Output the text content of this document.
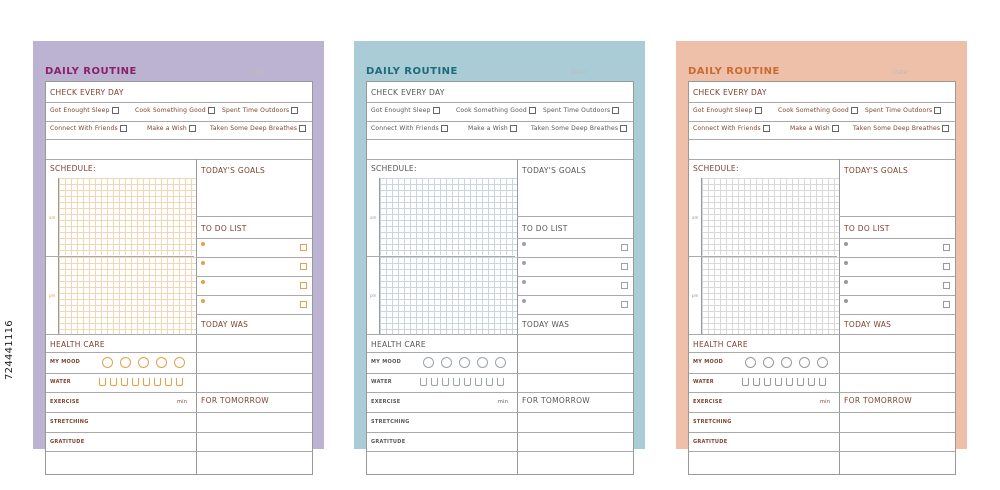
724441116
DAILY ROUTINE	Date:
CHECK EVERY DAY
Got Enought Sleep	Cook Something Good	Spent Time Outdoors
Connect With Friends	Make a Wish	Taken Some Deep Breathes
SCHEDULE:
am
pm
TODAY'S GOALS
TO DO LIST
TODAY WAS
HEALTH CARE
MY MOOD
WATER
EXERCISE	min
STRETCHING
GRATITUDE
FOR TOMORROW
DAILY ROUTINE	Date:
CHECK EVERY DAY
Got Enought Sleep	Cook Something Good	Spent Time Outdoors
Connect With Friends	Make a Wish	Taken Some Deep Breathes
SCHEDULE:
am
pm
TODAY'S GOALS
TO DO LIST
TODAY WAS
HEALTH CARE
MY MOOD
WATER
EXERCISE	min
STRETCHING
GRATITUDE
FOR TOMORROW
DAILY ROUTINE	Date:
CHECK EVERY DAY
Got Enought Sleep	Cook Something Good	Spent Time Outdoors
Connect With Friends	Make a Wish	Taken Some Deep Breathes
SCHEDULE:
am
pm
TODAY'S GOALS
TO DO LIST
TODAY WAS
HEALTH CARE
MY MOOD
WATER
EXERCISE	min
STRETCHING
GRATITUDE
FOR TOMORROW
